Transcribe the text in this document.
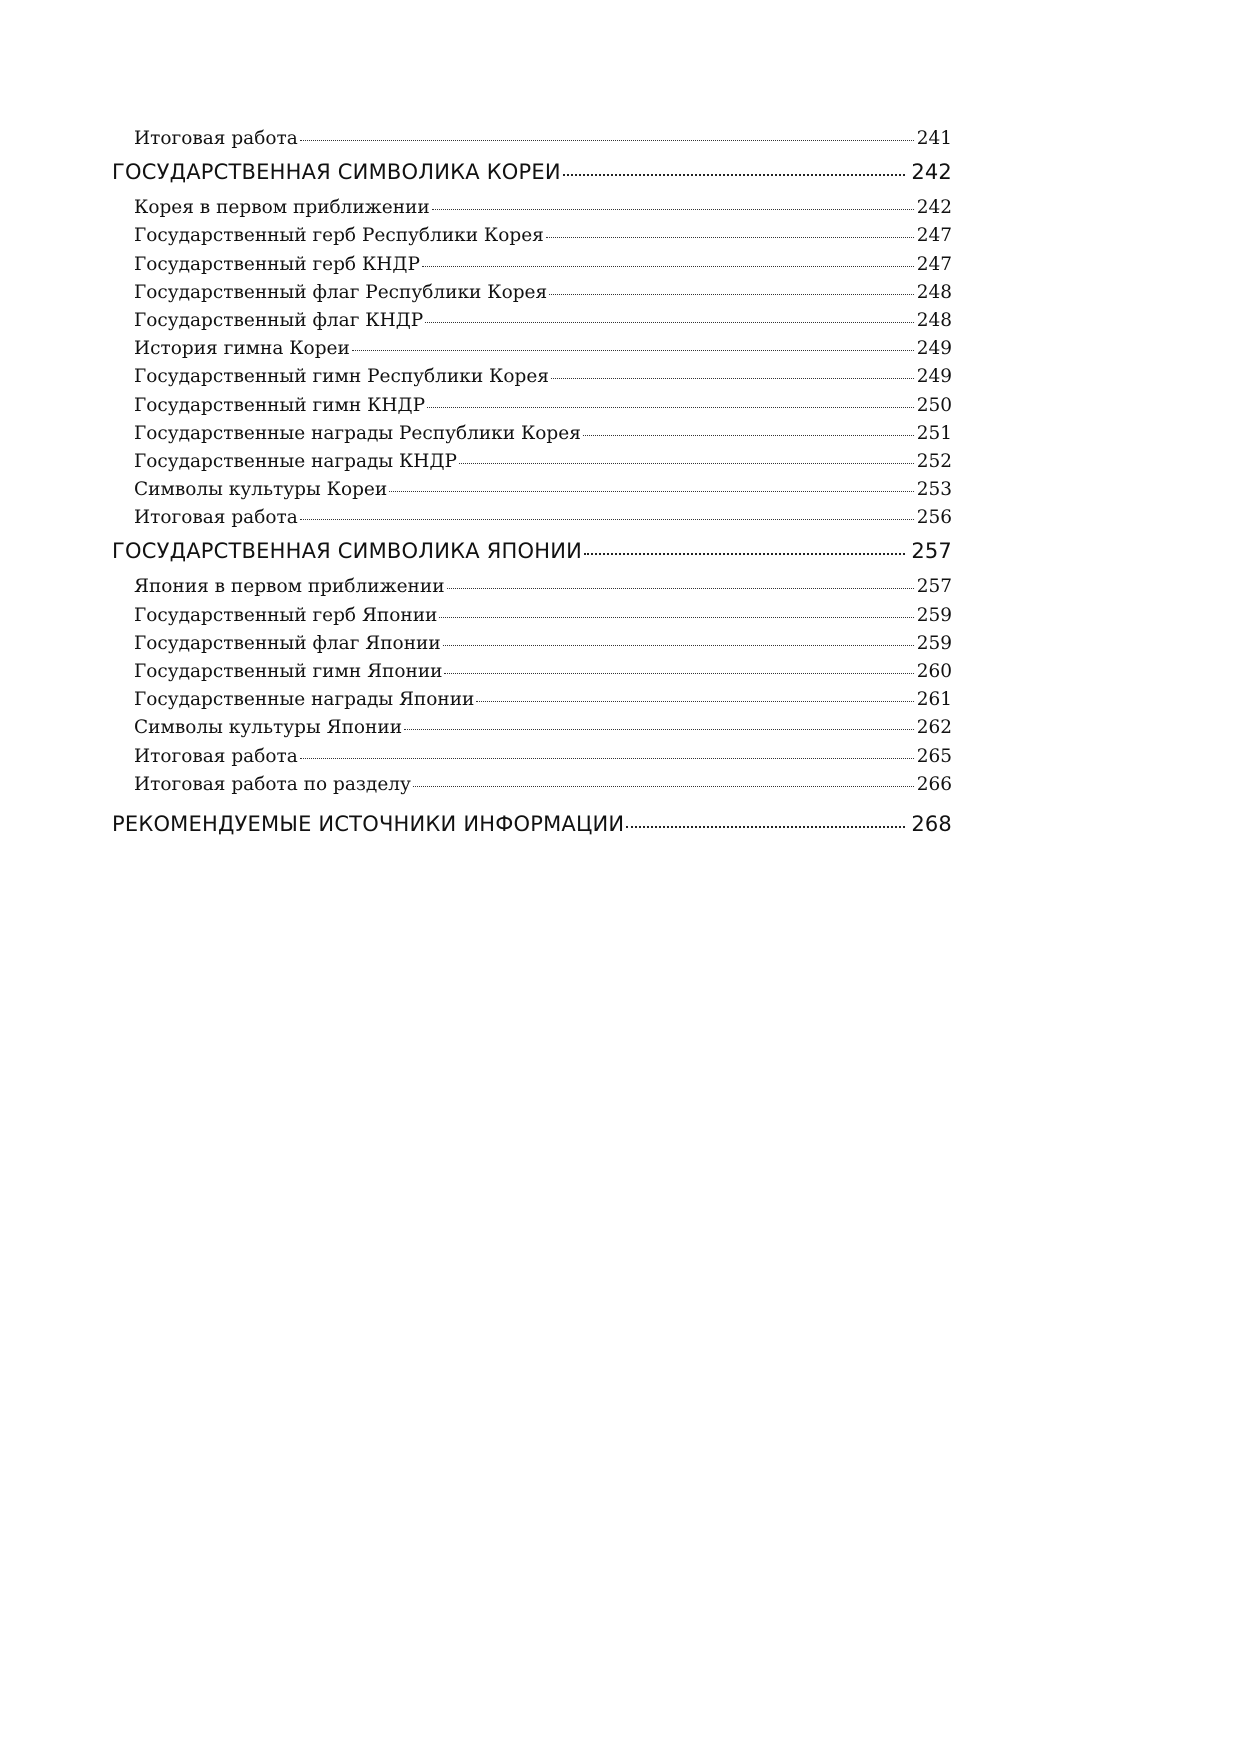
Итоговая работа	241
ГОСУДАРСТВЕННАЯ СИМВОЛИКА КОРЕИ	242
Корея в первом приближении	242
Государственный герб Республики Корея	247
Государственный герб КНДР	247
Государственный флаг Республики Корея	248
Государственный флаг КНДР	248
История гимна Кореи	249
Государственный гимн Республики Корея	249
Государственный гимн КНДР	250
Государственные награды Республики Корея	251
Государственные награды КНДР	252
Символы культуры Кореи	253
Итоговая работа	256
ГОСУДАРСТВЕННАЯ СИМВОЛИКА ЯПОНИИ	257
Япония в первом приближении	257
Государственный герб Японии	259
Государственный флаг Японии	259
Государственный гимн Японии	260
Государственные награды Японии	261
Символы культуры Японии	262
Итоговая работа	265
Итоговая работа по разделу	266
РЕКОМЕНДУЕМЫЕ ИСТОЧНИКИ ИНФОРМАЦИИ	268
